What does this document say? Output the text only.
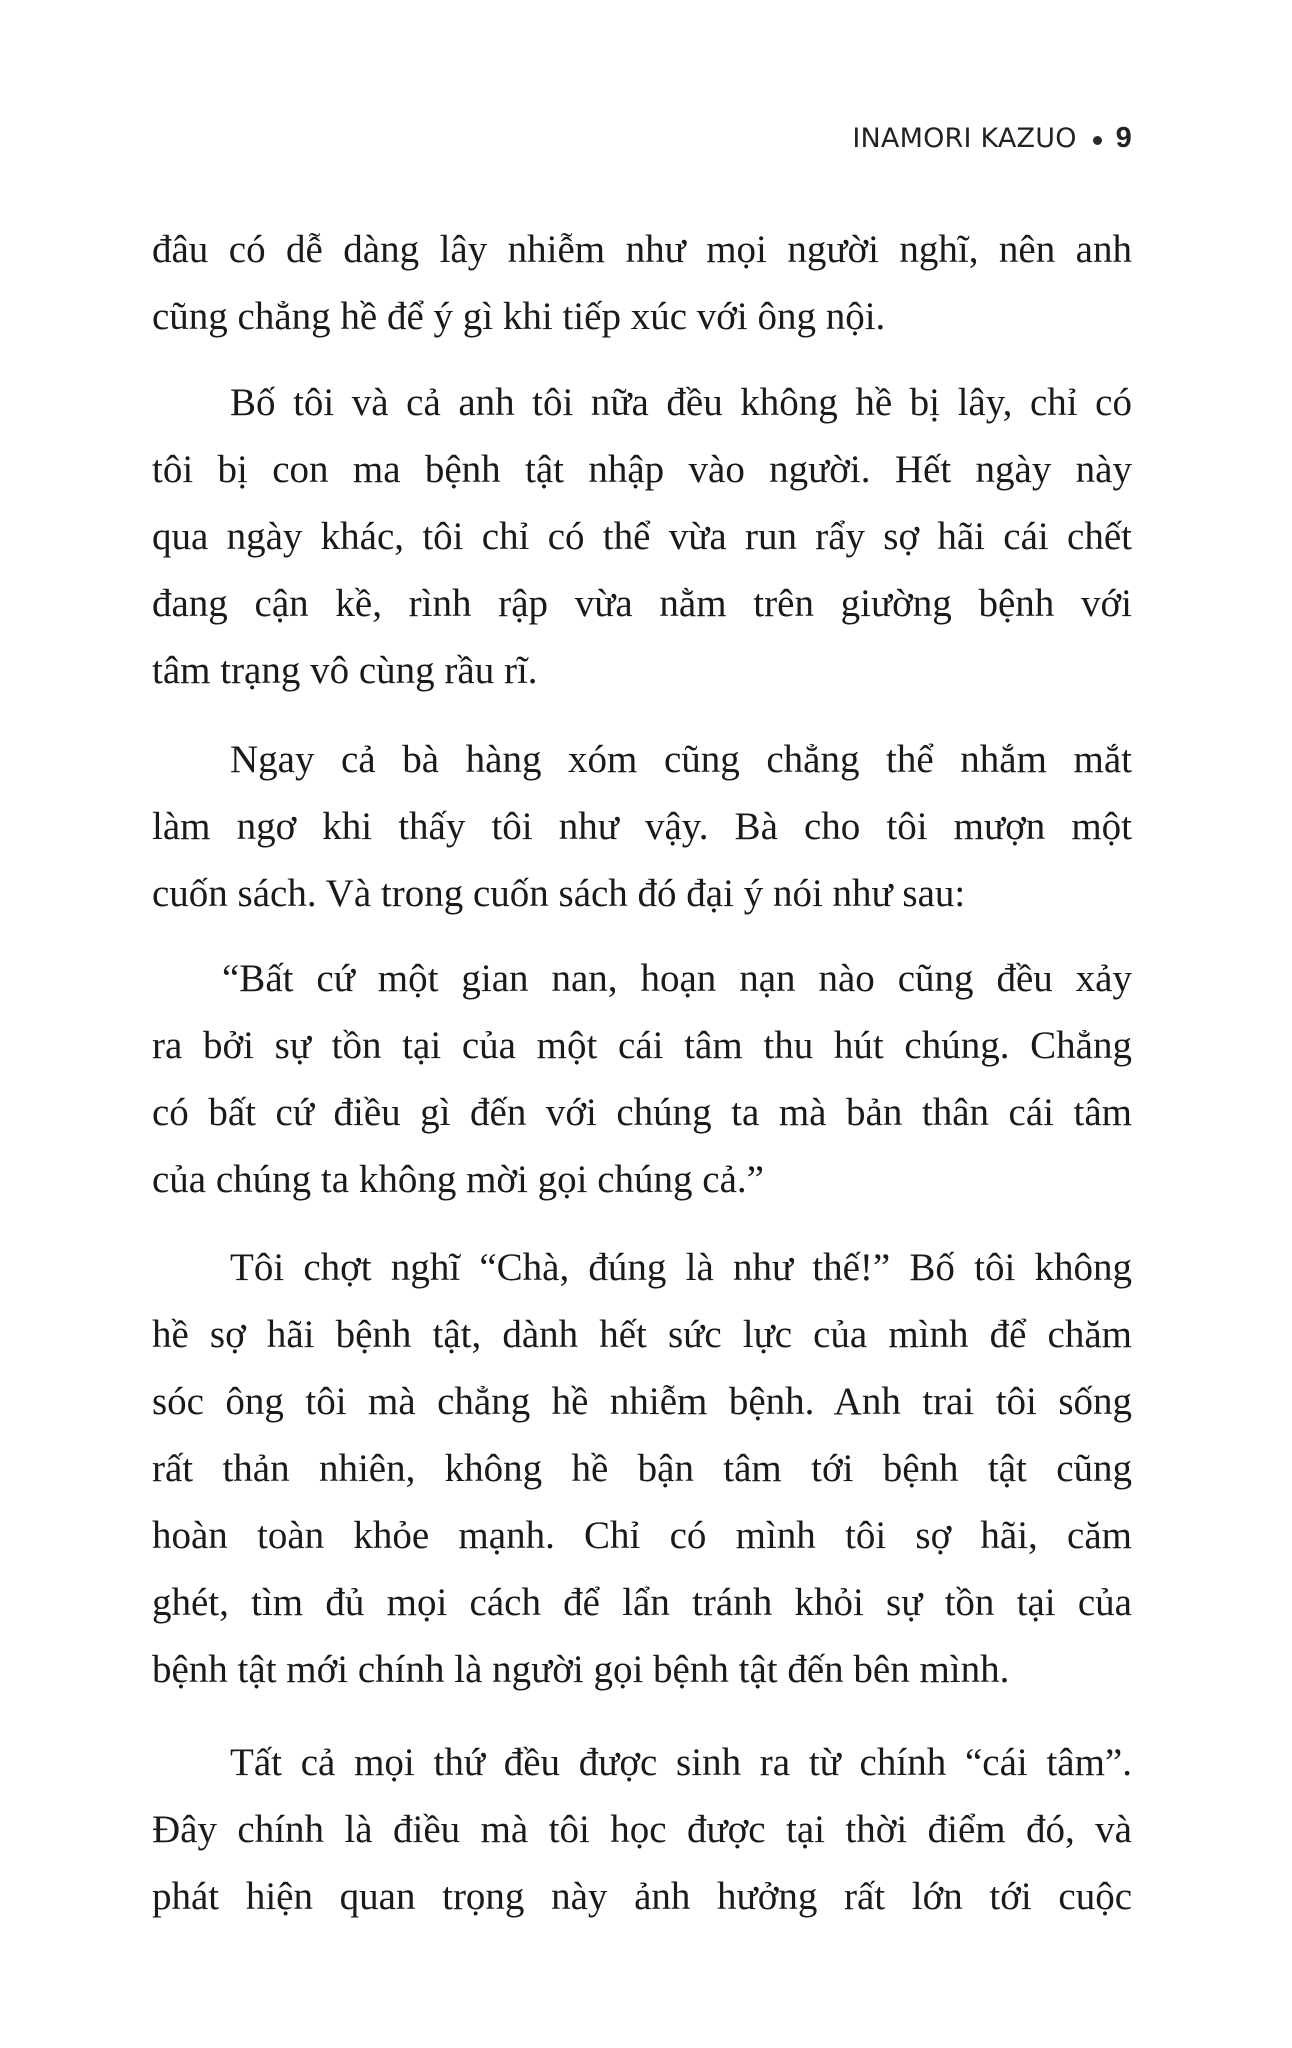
INAMORI KAZUO 9
đâu có dễ dàng lây nhiễm như mọi người nghĩ, nên anh
cũng chẳng hề để ý gì khi tiếp xúc với ông nội.
Bố tôi và cả anh tôi nữa đều không hề bị lây, chỉ có
tôi bị con ma bệnh tật nhập vào người. Hết ngày này
qua ngày khác, tôi chỉ có thể vừa run rẩy sợ hãi cái chết
đang cận kề, rình rập vừa nằm trên giường bệnh với
tâm trạng vô cùng rầu rĩ.
Ngay cả bà hàng xóm cũng chẳng thể nhắm mắt
làm ngơ khi thấy tôi như vậy. Bà cho tôi mượn một
cuốn sách. Và trong cuốn sách đó đại ý nói như sau:
“Bất cứ một gian nan, hoạn nạn nào cũng đều xảy
ra bởi sự tồn tại của một cái tâm thu hút chúng. Chẳng
có bất cứ điều gì đến với chúng ta mà bản thân cái tâm
của chúng ta không mời gọi chúng cả.”
Tôi chợt nghĩ “Chà, đúng là như thế!” Bố tôi không
hề sợ hãi bệnh tật, dành hết sức lực của mình để chăm
sóc ông tôi mà chẳng hề nhiễm bệnh. Anh trai tôi sống
rất thản nhiên, không hề bận tâm tới bệnh tật cũng
hoàn toàn khỏe mạnh. Chỉ có mình tôi sợ hãi, căm
ghét, tìm đủ mọi cách để lẩn tránh khỏi sự tồn tại của
bệnh tật mới chính là người gọi bệnh tật đến bên mình.
Tất cả mọi thứ đều được sinh ra từ chính “cái tâm”.
Đây chính là điều mà tôi học được tại thời điểm đó, và
phát hiện quan trọng này ảnh hưởng rất lớn tới cuộc
